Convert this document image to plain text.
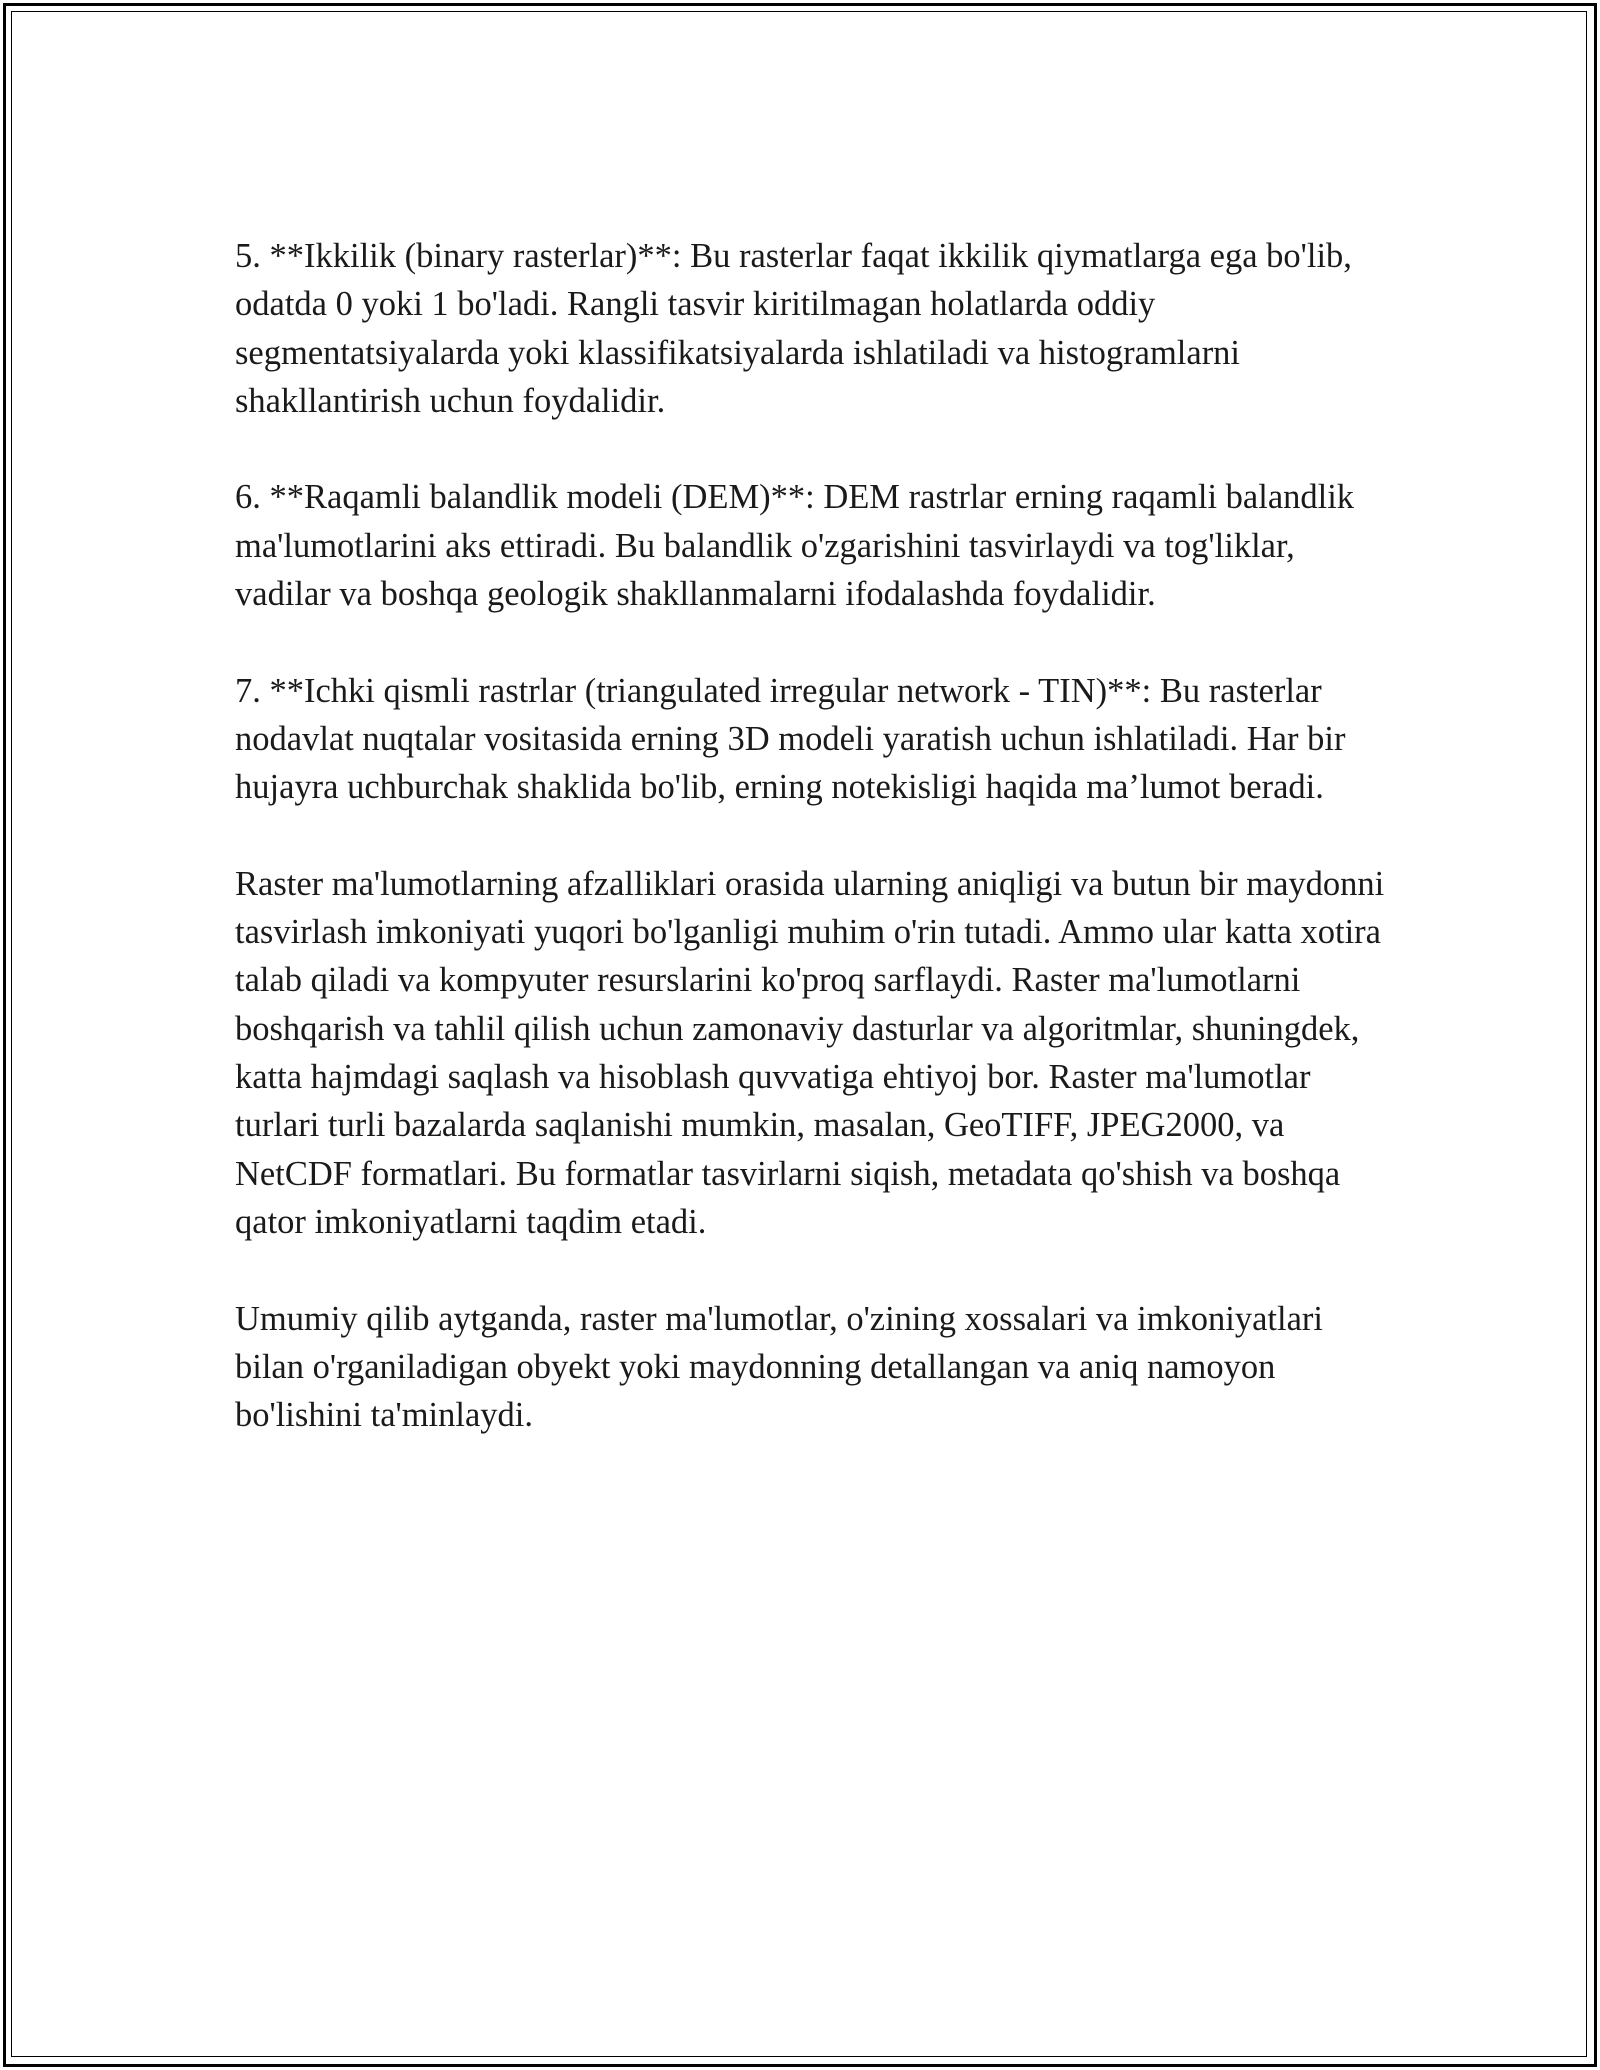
5. **Ikkilik (binary rasterlar)**: Bu rasterlar faqat ikkilik qiymatlarga ega bo'lib, odatda 0 yoki 1 bo'ladi. Rangli tasvir kiritilmagan holatlarda oddiy segmentatsiyalarda yoki klassifikatsiyalarda ishlatiladi va histogramlarni shakllantirish uchun foydalidir.

6. **Raqamli balandlik modeli (DEM)**: DEM rastrlar erning raqamli balandlik ma'lumotlarini aks ettiradi. Bu balandlik o'zgarishini tasvirlaydi va tog'liklar, vadilar va boshqa geologik shakllanmalarni ifodalashda foydalidir.

7. **Ichki qismli rastrlar (triangulated irregular network - TIN)**: Bu rasterlar nodavlat nuqtalar vositasida erning 3D modeli yaratish uchun ishlatiladi. Har bir hujayra uchburchak shaklida bo'lib, erning notekisligi haqida ma’lumot beradi.

Raster ma'lumotlarning afzalliklari orasida ularning aniqligi va butun bir maydonni tasvirlash imkoniyati yuqori bo'lganligi muhim o'rin tutadi. Ammo ular katta xotira talab qiladi va kompyuter resurslarini ko'proq sarflaydi. Raster ma'lumotlarni boshqarish va tahlil qilish uchun zamonaviy dasturlar va algoritmlar, shuningdek, katta hajmdagi saqlash va hisoblash quvvatiga ehtiyoj bor. Raster ma'lumotlar turlari turli bazalarda saqlanishi mumkin, masalan, GeoTIFF, JPEG2000, va NetCDF formatlari. Bu formatlar tasvirlarni siqish, metadata qo'shish va boshqa qator imkoniyatlarni taqdim etadi.

Umumiy qilib aytganda, raster ma'lumotlar, o'zining xossalari va imkoniyatlari bilan o'rganiladigan obyekt yoki maydonning detallangan va aniq namoyon bo'lishini ta'minlaydi.
